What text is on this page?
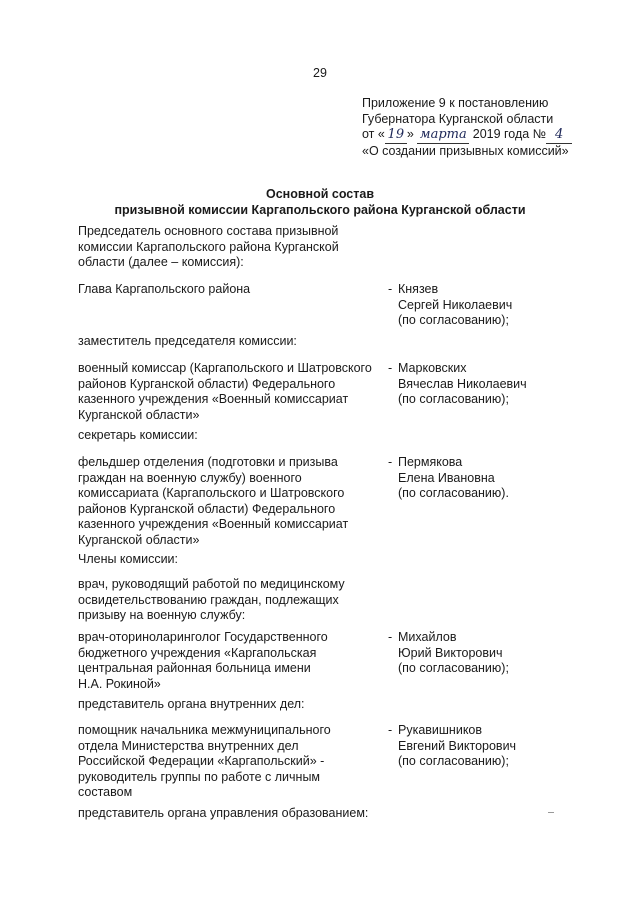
29
Приложение 9 к постановлению
Губернатора Курганской области
от « 19 » марта 2019 года № 4
«О создании призывных комиссий»
Основной состав
призывной комиссии Каргапольского района Курганской области
Председатель основного состава призывной
комиссии Каргапольского района Курганской
области (далее – комиссия):
Глава Каргапольского района	- Князев
Сергей Николаевич
(по согласованию);
заместитель председателя комиссии:
военный комиссар (Каргапольского и Шатровского
районов Курганской области) Федерального
казенного учреждения «Военный комиссариат
Курганской области»
- Марковских
Вячеслав Николаевич
(по согласованию);
секретарь комиссии:
фельдшер отделения (подготовки и призыва
граждан на военную службу) военного
комиссариата (Каргапольского и Шатровского
районов Курганской области) Федерального
казенного учреждения «Военный комиссариат
Курганской области»
- Пермякова
Елена Ивановна
(по согласованию).
Члены комиссии:
врач, руководящий работой по медицинскому
освидетельствованию граждан, подлежащих
призыву на военную службу:
врач-оториноларинголог Государственного
бюджетного учреждения «Каргапольская
центральная районная больница имени
Н.А. Рокиной»
- Михайлов
Юрий Викторович
(по согласованию);
представитель органа внутренних дел:
помощник начальника межмуниципального
отдела Министерства внутренних дел
Российской Федерации «Каргапольский» -
руководитель группы по работе с личным
составом
- Рукавишников
Евгений Викторович
(по согласованию);
представитель органа управления образованием:
